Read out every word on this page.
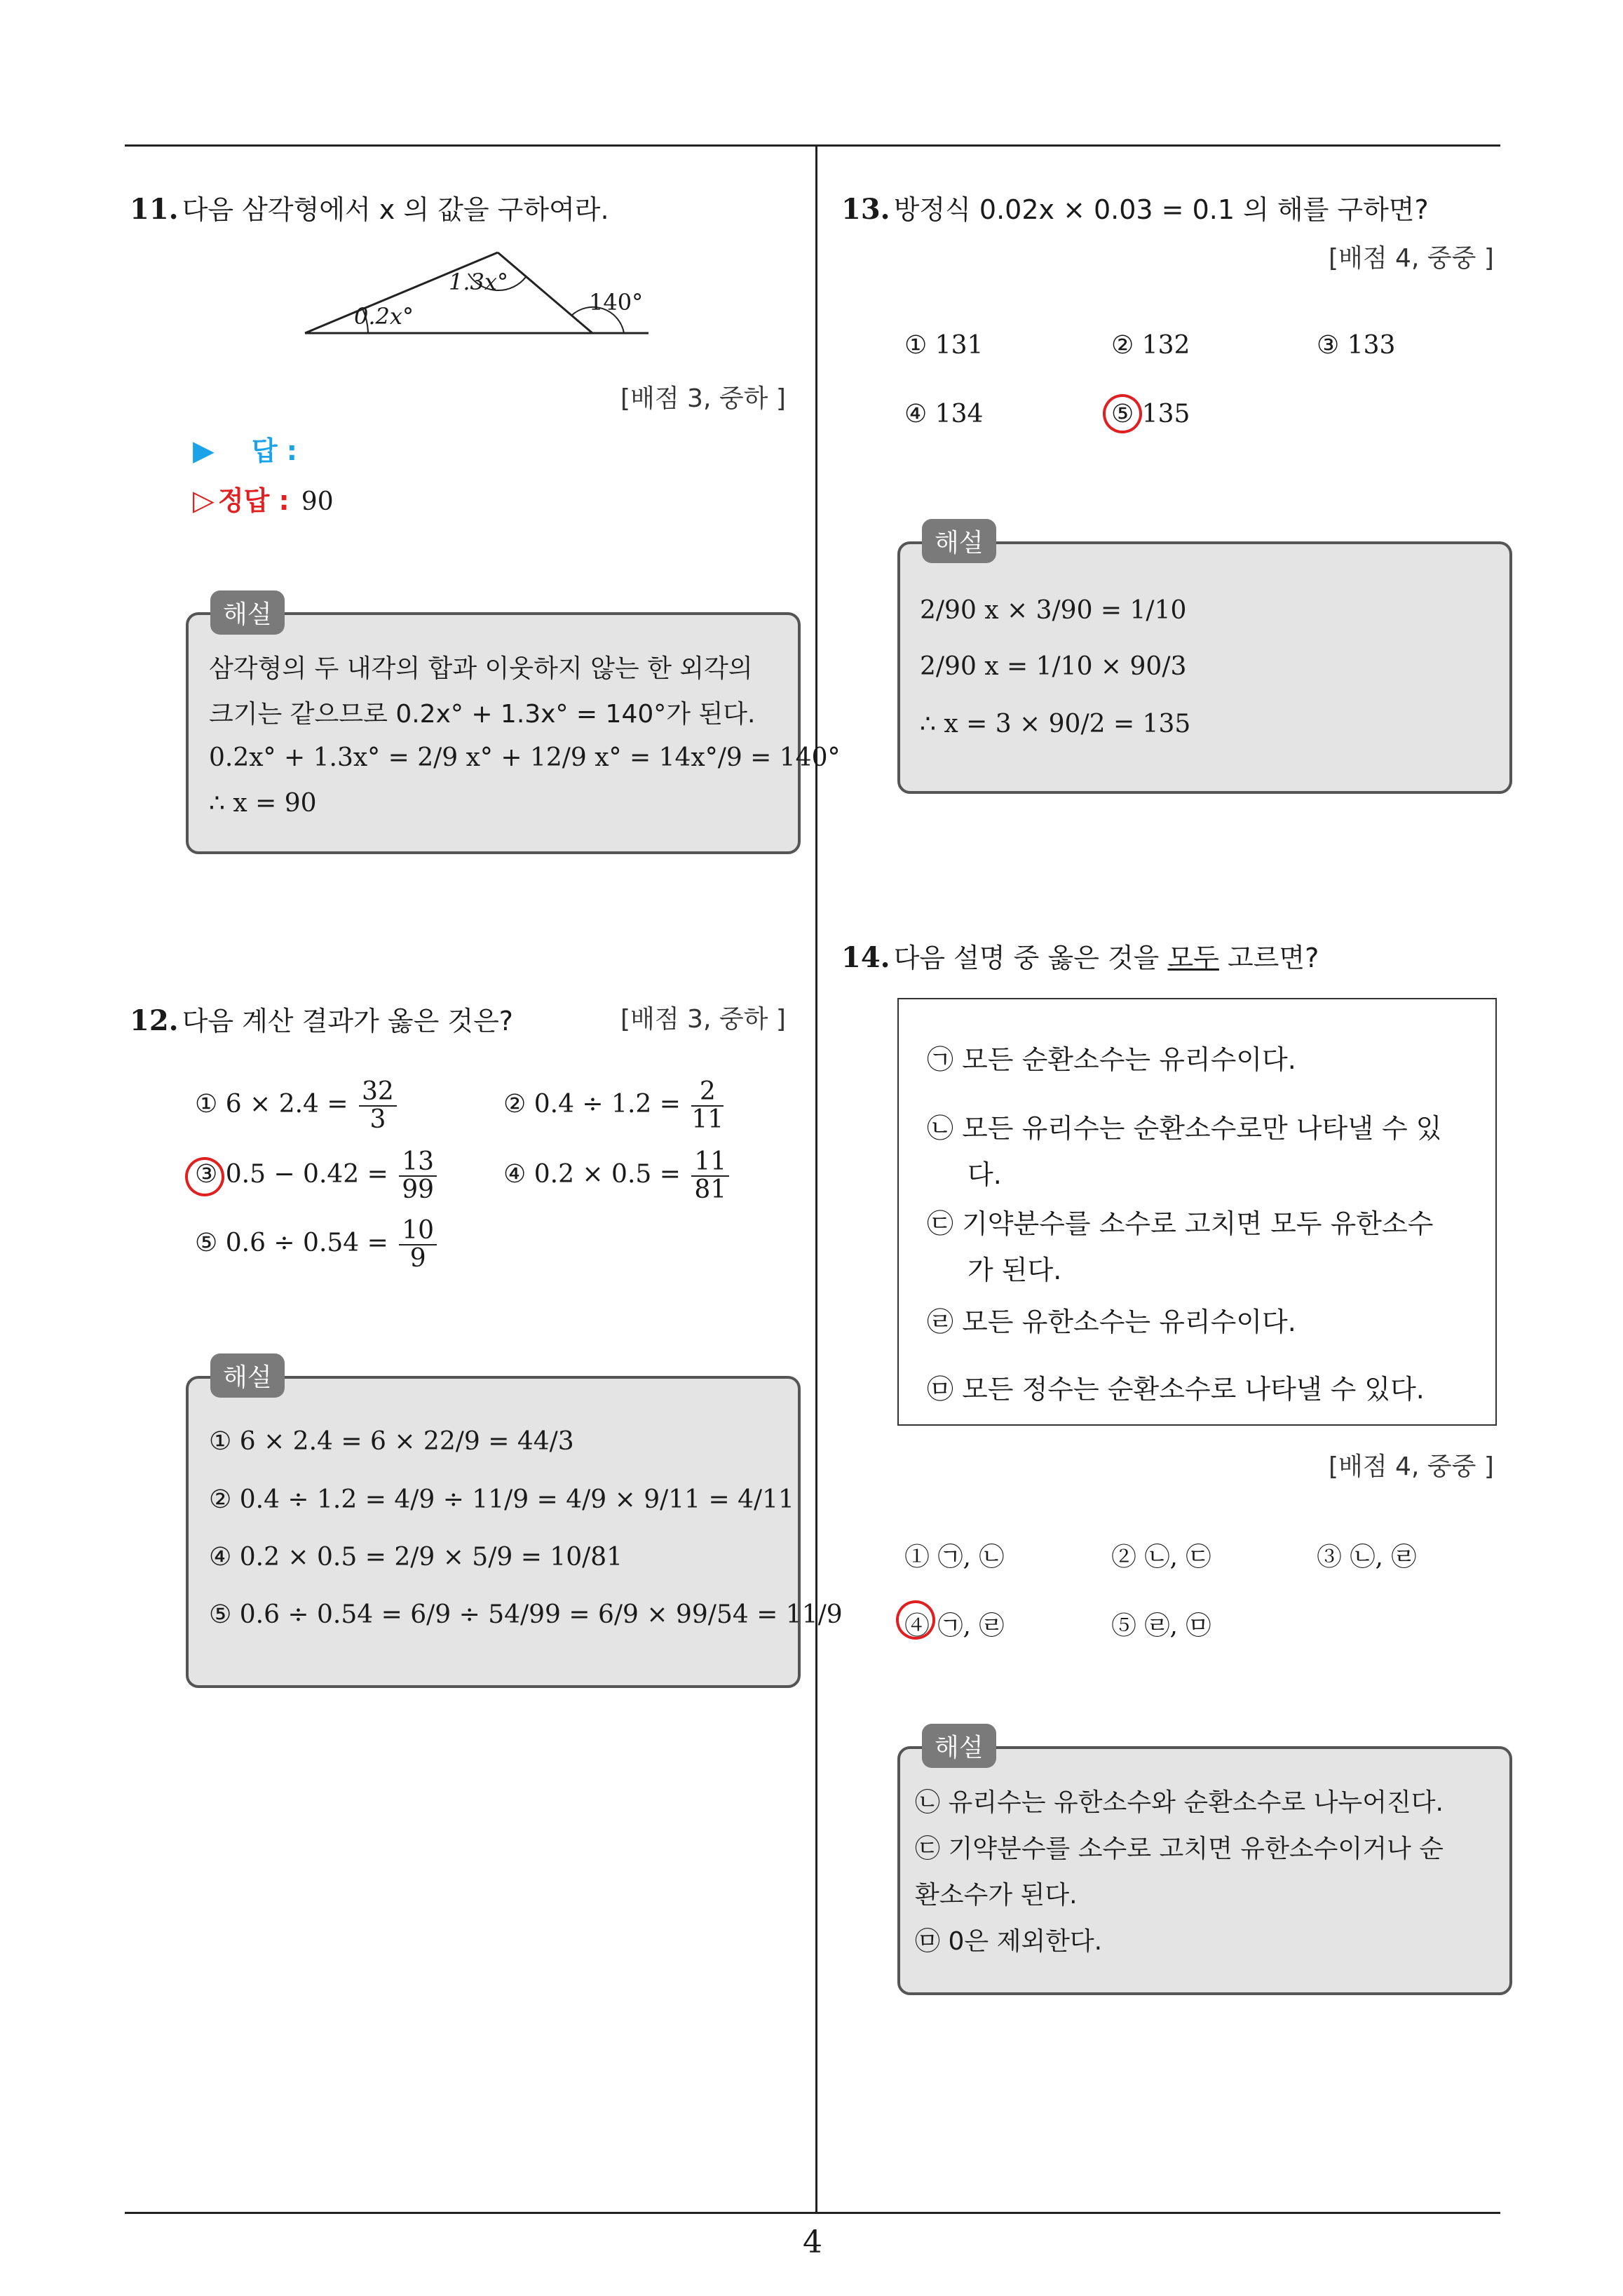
4
11. 다음 삼각형에서 x 의 값을 구하여라.
1.3x°
0.2x°
140°
[배점 3, 중하 ]
▶ 답 :
▷ 정답 : 90
해설
삼각형의 두 내각의 합과 이웃하지 않는 한 외각의
크기는 같으므로 0.2x° + 1.3x° = 140°가 된다.
0.2x° + 1.3x° = 2/9 x° + 12/9 x° = 14x°/9 = 140°
∴ x = 90
12. 다음 계산 결과가 옳은 것은?	[배점 3, 중하 ]
① $6 \times 2.4 = \frac{32}{3}$	② $0.4 \div 1.2 = \frac{2}{11}$
③ $0.5 - 0.42 = \frac{13}{99}$	④ $0.2 \times 0.5 = \frac{11}{81}$
⑤ $0.6 \div 0.54 = \frac{10}{9}$
해설
① 6 × 2.4 = 6 × 22/9 = 44/3
② 0.4 ÷ 1.2 = 4/9 ÷ 11/9 = 4/9 × 9/11 = 4/11
④ 0.2 × 0.5 = 2/9 × 5/9 = 10/81
⑤ 0.6 ÷ 0.54 = 6/9 ÷ 54/99 = 6/9 × 99/54 = 11/9
13. 방정식 0.02x × 0.03 = 0.1 의 해를 구하면?
[배점 4, 중중 ]
① 131	② 132	③ 133
④ 134	⑤ 135
해설
2/90 x × 3/90 = 1/10
2/90 x = 1/10 × 90/3
∴ x = 3 × 90/2 = 135
14. 다음 설명 중 옳은 것을 모두 고르면?
㉠ 모든 순환소수는 유리수이다.
㉡ 모든 유리수는 순환소수로만 나타낼 수 있
다.
㉢ 기약분수를 소수로 고치면 모두 유한소수
가 된다.
㉣ 모든 유한소수는 유리수이다.
㉤ 모든 정수는 순환소수로 나타낼 수 있다.
[배점 4, 중중 ]
① ㉠, ㉡	② ㉡, ㉢	③ ㉡, ㉣
④ ㉠, ㉣	⑤ ㉣, ㉤
해설
㉡ 유리수는 유한소수와 순환소수로 나누어진다.
㉢ 기약분수를 소수로 고치면 유한소수이거나 순
환소수가 된다.
㉤ 0은 제외한다.
